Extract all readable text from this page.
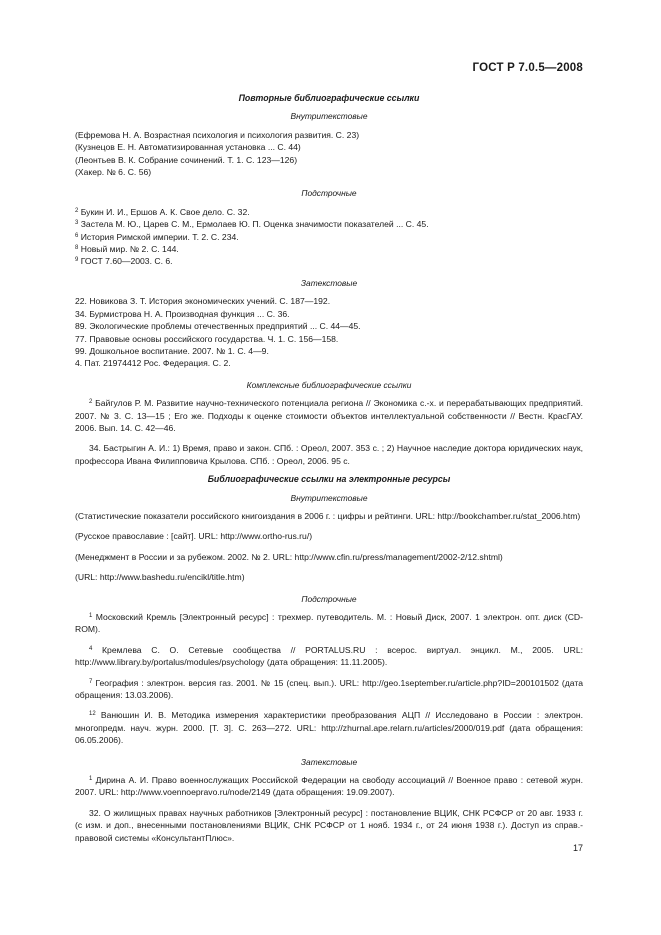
ГОСТ Р 7.0.5—2008
Повторные библиографические ссылки
Внутритекстовые

(Ефремова Н. А. Возрастная психология и психология развития. С. 23)

(Кузнецов Е. Н. Автоматизированная установка ... С. 44)

(Леонтьев В. К. Собрание сочинений. Т. 1. С. 123—126)

(Хакер. № 6. С. 56)

Подстрочные

$^2$ Букин И. И., Ершов А. К. Свое дело. С. 32.

$^3$ Застела М. Ю., Царев С. М., Ермолаев Ю. П. Оценка значимости показателей ... С. 45.

$^6$ История Римской империи. Т. 2. С. 234.

$^8$ Новый мир. № 2. С. 144.

$^9$ ГОСТ 7.60—2003. С. 6.

Затекстовые

22. Новикова З. Т. История экономических учений. С. 187—192.

34. Бурмистрова Н. А. Производная функция ... С. 36.

89. Экологические проблемы отечественных предприятий ... С. 44—45.

77. Правовые основы российского государства. Ч. 1. С. 156—158.

99. Дошкольное воспитание. 2007. № 1. С. 4—9.

4. Пат. 21974412 Рос. Федерация. С. 2.

Комплексные библиографические ссылки

$^2$ Байгулов Р. М. Развитие научно-технического потенциала региона // Экономика с.-х. и перерабатывающих предприятий. 2007. № 3. С. 13—15 ; Его же. Подходы к оценке стоимости объектов интеллектуальной собственности // Вестн. КрасГАУ. 2006. Вып. 14. С. 42—46.

34. Бастрыгин А. И.: 1) Время, право и закон. СПб. : Ореол, 2007. 353 с. ; 2) Научное наследие доктора юридических наук, профессора Ивана Филипповича Крылова. СПб. : Ореол, 2006. 95 с.

Библиографические ссылки на электронные ресурсы
Внутритекстовые

(Статистические показатели российского книгоиздания в 2006 г. : цифры и рейтинги. URL: http://bookchamber.ru/stat_2006.htm)

(Русское православие : [сайт]. URL: http://www.ortho-rus.ru/)

(Менеджмент в России и за рубежом. 2002. № 2. URL: http://www.cfin.ru/press/management/2002-2/12.shtml)

(URL: http://www.bashedu.ru/encikl/title.htm)

Подстрочные

$^1$ Московский Кремль [Электронный ресурс] : трехмер. путеводитель. М. : Новый Диск, 2007. 1 электрон. опт. диск (CD-ROM).

$^4$ Кремлева С. О. Сетевые сообщества // PORTALUS.RU : всерос. виртуал. энцикл. М., 2005. URL: http://www.library.by/portalus/modules/psychology (дата обращения: 11.11.2005).

$^7$ География : электрон. версия газ. 2001. № 15 (спец. вып.). URL: http://geo.1september.ru/article.php?ID=200101502 (дата обращения: 13.03.2006).

$^{12}$ Ванюшин И. В. Методика измерения характеристики преобразования АЦП // Исследовано в России : электрон. многопредм. науч. журн. 2000. [Т. 3]. С. 263—272. URL: http://zhurnal.ape.relarn.ru/articles/2000/019.pdf (дата обращения: 06.05.2006).

Затекстовые

$^1$ Дирина А. И. Право военнослужащих Российской Федерации на свободу ассоциаций // Военное право : сетевой журн. 2007. URL: http://www.voennoepravo.ru/node/2149 (дата обращения: 19.09.2007).

32. О жилищных правах научных работников [Электронный ресурс] : постановление ВЦИК, СНК РСФСР от 20 авг. 1933 г. (с изм. и доп., внесенными постановлениями ВЦИК, СНК РСФСР от 1 нояб. 1934 г., от 24 июня 1938 г.). Доступ из справ.-правовой системы «КонсультантПлюс».

17
